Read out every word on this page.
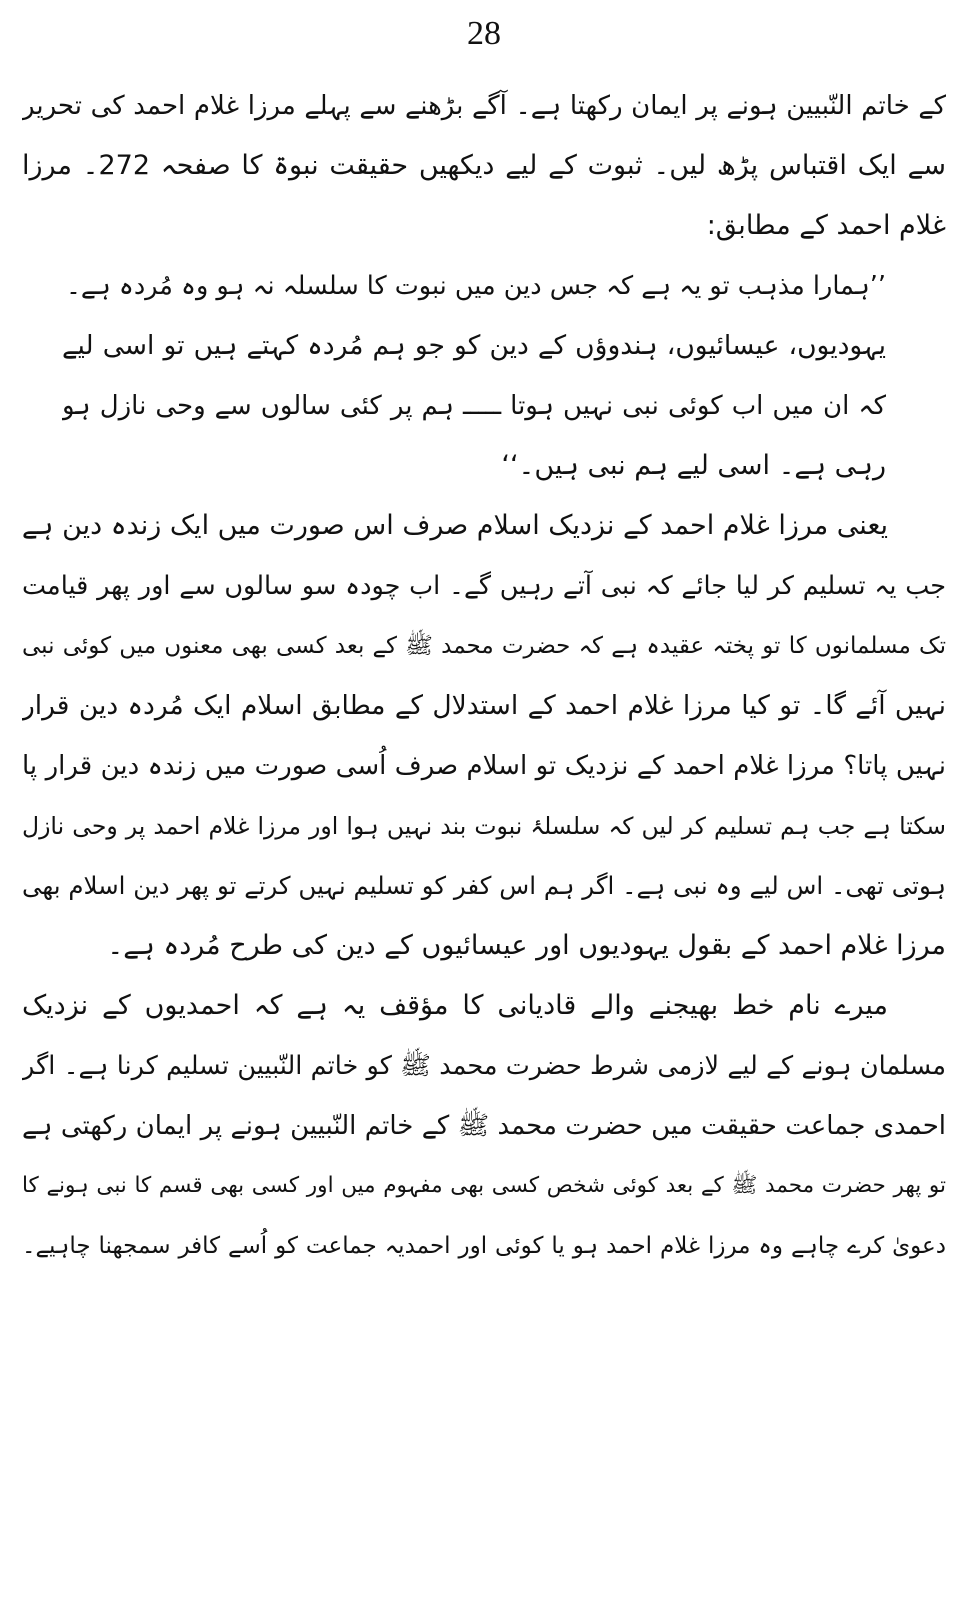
28
کے خاتم النّبیین ہونے پر ایمان رکھتا ہے۔ آگے بڑھنے سے پہلے مرزا غلام احمد کی تحریر
سے ایک اقتباس پڑھ لیں۔ ثبوت کے لیے دیکھیں حقیقت نبوۃ کا صفحہ 272۔ مرزا
غلام احمد کے مطابق:
’’ہمارا مذہب تو یہ ہے کہ جس دین میں نبوت کا سلسلہ نہ ہو وہ مُردہ ہے۔
یہودیوں، عیسائیوں، ہندوؤں کے دین کو جو ہم مُردہ کہتے ہیں تو اسی لیے
کہ ان میں اب کوئی نبی نہیں ہوتا ـــــ ہم پر کئی سالوں سے وحی نازل ہو
رہی ہے۔ اسی لیے ہم نبی ہیں۔‘‘
یعنی مرزا غلام احمد کے نزدیک اسلام صرف اس صورت میں ایک زندہ دین ہے
جب یہ تسلیم کر لیا جائے کہ نبی آتے رہیں گے۔ اب چودہ سو سالوں سے اور پھر قیامت
تک مسلمانوں کا تو پختہ عقیدہ ہے کہ حضرت محمد ﷺ کے بعد کسی بھی معنوں میں کوئی نبی
نہیں آئے گا۔ تو کیا مرزا غلام احمد کے استدلال کے مطابق اسلام ایک مُردہ دین قرار
نہیں پاتا؟ مرزا غلام احمد کے نزدیک تو اسلام صرف اُسی صورت میں زندہ دین قرار پا
سکتا ہے جب ہم تسلیم کر لیں کہ سلسلۂ نبوت بند نہیں ہوا اور مرزا غلام احمد پر وحی نازل
ہوتی تھی۔ اس لیے وہ نبی ہے۔ اگر ہم اس کفر کو تسلیم نہیں کرتے تو پھر دین اسلام بھی
مرزا غلام احمد کے بقول یہودیوں اور عیسائیوں کے دین کی طرح مُردہ ہے۔
میرے نام خط بھیجنے والے قادیانی کا مؤقف یہ ہے کہ احمدیوں کے نزدیک
مسلمان ہونے کے لیے لازمی شرط حضرت محمد ﷺ کو خاتم النّبیین تسلیم کرنا ہے۔ اگر
احمدی جماعت حقیقت میں حضرت محمد ﷺ کے خاتم النّبیین ہونے پر ایمان رکھتی ہے
تو پھر حضرت محمد ﷺ کے بعد کوئی شخص کسی بھی مفہوم میں اور کسی بھی قسم کا نبی ہونے کا
دعویٰ کرے چاہے وہ مرزا غلام احمد ہو یا کوئی اور احمدیہ جماعت کو اُسے کافر سمجھنا چاہیے۔
